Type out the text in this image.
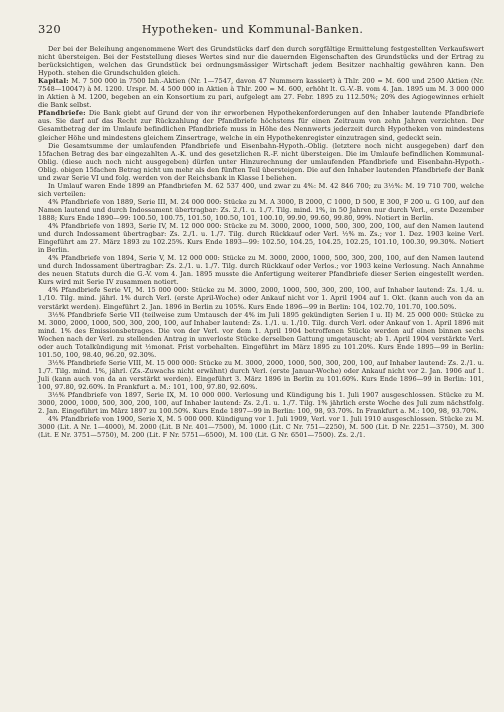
320	Hypotheken- und Kommunal-Banken.

Der bei der Beleihung angenommene Wert des Grundstücks darf den durch sorgfältige Ermittelung festgestellten Verkaufswert nicht übersteigen. Bei der Feststellung dieses Wertes sind nur die dauernden Eigenschaften des Grundstücks und der Ertrag zu berücksichtigen, welchen das Grundstück bei ordnungsmässiger Wirtschaft jedem Besitzer nachhaltig gewähren kann. Den Hypoth. stehen die Grundschulden gleich.

Kapital: M. 7 500 000 in 7500 Inh.-Aktien (Nr. 1—7547, davon 47 Nummern kassiert) à Thlr. 200 = M. 600 und 2500 Aktien (Nr. 7548—10047) à M. 1200. Urspr. M. 4 500 000 in Aktien à Thlr. 200 = M. 600, erhöht lt. G.-V.-B. vom 4. Jan. 1895 um M. 3 000 000 in Aktien à M. 1200, begeben an ein Konsortium zu pari, aufgelegt am 27. Febr. 1895 zu 112.50%; 20% des Agiogewinnes erhielt die Bank selbst.

Pfandbriefe: Die Bank giebt auf Grund der von ihr erworbenen Hypothekenforderungen auf den Inhaber lautende Pfandbriefe aus. Sie darf auf das Recht zur Rückzahlung der Pfandbriefe höchstens für einen Zeitraum von zehn Jahren verzichten. Der Gesamtbetrag der im Umlaufe befindlichen Pfandbriefe muss in Höhe des Nennwerts jederzeit durch Hypotheken von mindestens gleicher Höhe und mindestens gleichem Zinsertrage, welche in ein Hypothekenregister einzutragen sind, gedeckt sein.

Die Gesamtsumme der umlaufenden Pfandbriefe und Eisenbahn-Hypoth.-Oblig. (letztere noch nicht ausgegeben) darf den 15fachen Betrag des bar eingezahlten A.-K. und des gesetzlichen R.-F. nicht übersteigen. Die im Umlaufe befindlichen Kommunal-Oblig. (diese auch noch nicht ausgegeben) dürfen unter Hinzurechnung der umlaufenden Pfandbriefe und Eisenbahn-Hypoth.-Oblig. obigen 15fachen Betrag nicht um mehr als den fünften Teil übersteigen. Die auf den Inhaber lautenden Pfandbriefe der Bank und zwar Serie VI und folg. werden von der Reichsbank in Klasse I beliehen.

In Umlauf waren Ende 1899 an Pfandbriefen M. 62 537 400, und zwar zu 4%: M. 42 846 700; zu 3½%: M. 19 710 700, welche sich verteilen:

4% Pfandbriefe von 1889, Serie III, M. 24 000 000: Stücke zu M. A 3000, B 2000, C 1000, D 500, E 300, F 200 u. G 100, auf den Namen lautend und durch Indossament übertragbar: Zs. 2./1. u. 1./7. Tilg. mind. 1%, in 50 Jahren nur durch Verl., erste Dezember 1888; Kurs Ende 1890—99: 100.50, 100.75, 101.50, 100.50, 101, 100.10, 99.90, 99.60, 99.80, 99%. Notiert in Berlin.

4% Pfandbriefe von 1893, Serie IV, M. 12 000 000: Stücke zu M. 3000, 2000, 1000, 500, 300, 200, 100, auf den Namen lautend und durch Indossament übertragbar: Zs. 2./1. u. 1./7. Tilg. durch Rückkauf oder Verl. ½% m. Zs.; vor 1. Dez. 1903 keine Verl. Eingeführt am 27. März 1893 zu 102.25%. Kurs Ende 1893—99: 102.50, 104.25, 104.25, 102.25, 101.10, 100.30, 99.30%. Notiert in Berlin.

4% Pfandbriefe von 1894, Serie V, M. 12 000 000: Stücke zu M. 3000, 2000, 1000, 500, 300, 200, 100, auf den Namen lautend und durch Indossament übertragbar: Zs. 2./1. u. 1./7. Tilg. durch Rückkauf oder Verlos.; vor 1903 keine Verlosung. Nach Annahme des neuen Statuts durch die G.-V. vom 4. Jan. 1895 musste die Anfertigung weiterer Pfandbriefe dieser Serien eingestellt werden. Kurs wird mit Serie IV zusammen notiert.

4% Pfandbriefe Serie VI, M. 15 000 000: Stücke zu M. 3000, 2000, 1000, 500, 300, 200, 100, auf Inhaber lautend: Zs. 1./4. u. 1./10. Tilg. mind. jährl. 1% durch Verl. (erste April-Woche) oder Ankauf nicht vor 1. April 1904 auf 1. Okt. (kann auch von da an verstärkt werden). Eingeführt 2. Jan. 1896 in Berlin zu 105%. Kurs Ende 1896—99 in Berlin: 104, 102.70, 101.70, 100.50%.

3½% Pfandbriefe Serie VII (teilweise zum Umtausch der 4% im Juli 1895 gekündigten Serien I u. II) M. 25 000 000: Stücke zu M. 3000, 2000, 1000, 500, 300, 200, 100, auf Inhaber lautend: Zs. 1./1. u. 1./10. Tilg. durch Verl. oder Ankauf von 1. April 1896 mit mind. 1% des Emissionsbetrages. Die von der Verl. vor dem 1. April 1904 betroffenen Stücke werden auf einen binnen sechs Wochen nach der Verl. zu stellenden Antrag in unverloste Stücke derselben Gattung umgetauscht; ab 1. April 1904 verstärkte Verl. oder auch Totalkündigung mit ½monat. Frist vorbehalten. Eingeführt im März 1895 zu 101.20%. Kurs Ende 1895—99 in Berlin: 101.50, 100, 98.40, 96.20, 92.30%.

3½% Pfandbriefe Serie VIII, M. 15 000 000: Stücke zu M. 3000, 2000, 1000, 500, 300, 200, 100, auf Inhaber lautend: Zs. 2./1. u. 1./7. Tilg. mind. 1%, jährl. (Zs.-Zuwachs nicht erwähnt) durch Verl. (erste Januar-Woche) oder Ankauf nicht vor 2. Jan. 1906 auf 1. Juli (kann auch von da an verstärkt werden). Eingeführt 3. März 1896 in Berlin zu 101.60%. Kurs Ende 1896—99 in Berlin: 101, 100, 97.80, 92.60%. In Frankfurt a. M.: 101, 100, 97.80, 92.60%.

3½% Pfandbriefe von 1897, Serie IX, M. 10 000 000. Verlosung und Kündigung bis 1. Juli 1907 ausgeschlossen. Stücke zu M. 3000, 2000, 1000, 500, 300, 200, 100, auf Inhaber lautend: Zs. 2./1. u. 1./7. Tilg. 1% jährlich erste Woche des Juli zum nächstfolg. 2. Jan. Eingeführt im März 1897 zu 100.50%. Kurs Ende 1897—99 in Berlin: 100, 98, 93.70%. In Frankfurt a. M.: 100, 98, 93.70%.

4% Pfandbriefe von 1900, Serie X, M. 5 000 000. Kündigung vor 1. Juli 1909, Verl. vor 1. Juli 1910 ausgeschlossen. Stücke zu M. 3000 (Lit. A Nr. 1—4000), M. 2000 (Lit. B Nr. 401—7500), M. 1000 (Lit. C Nr. 751—2250), M. 500 (Lit. D Nr. 2251—3750), M. 300 (Lit. E Nr. 3751—5750), M. 200 (Lit. F Nr. 5751—6500), M. 100 (Lit. G Nr. 6501—7500). Zs. 2./1.
